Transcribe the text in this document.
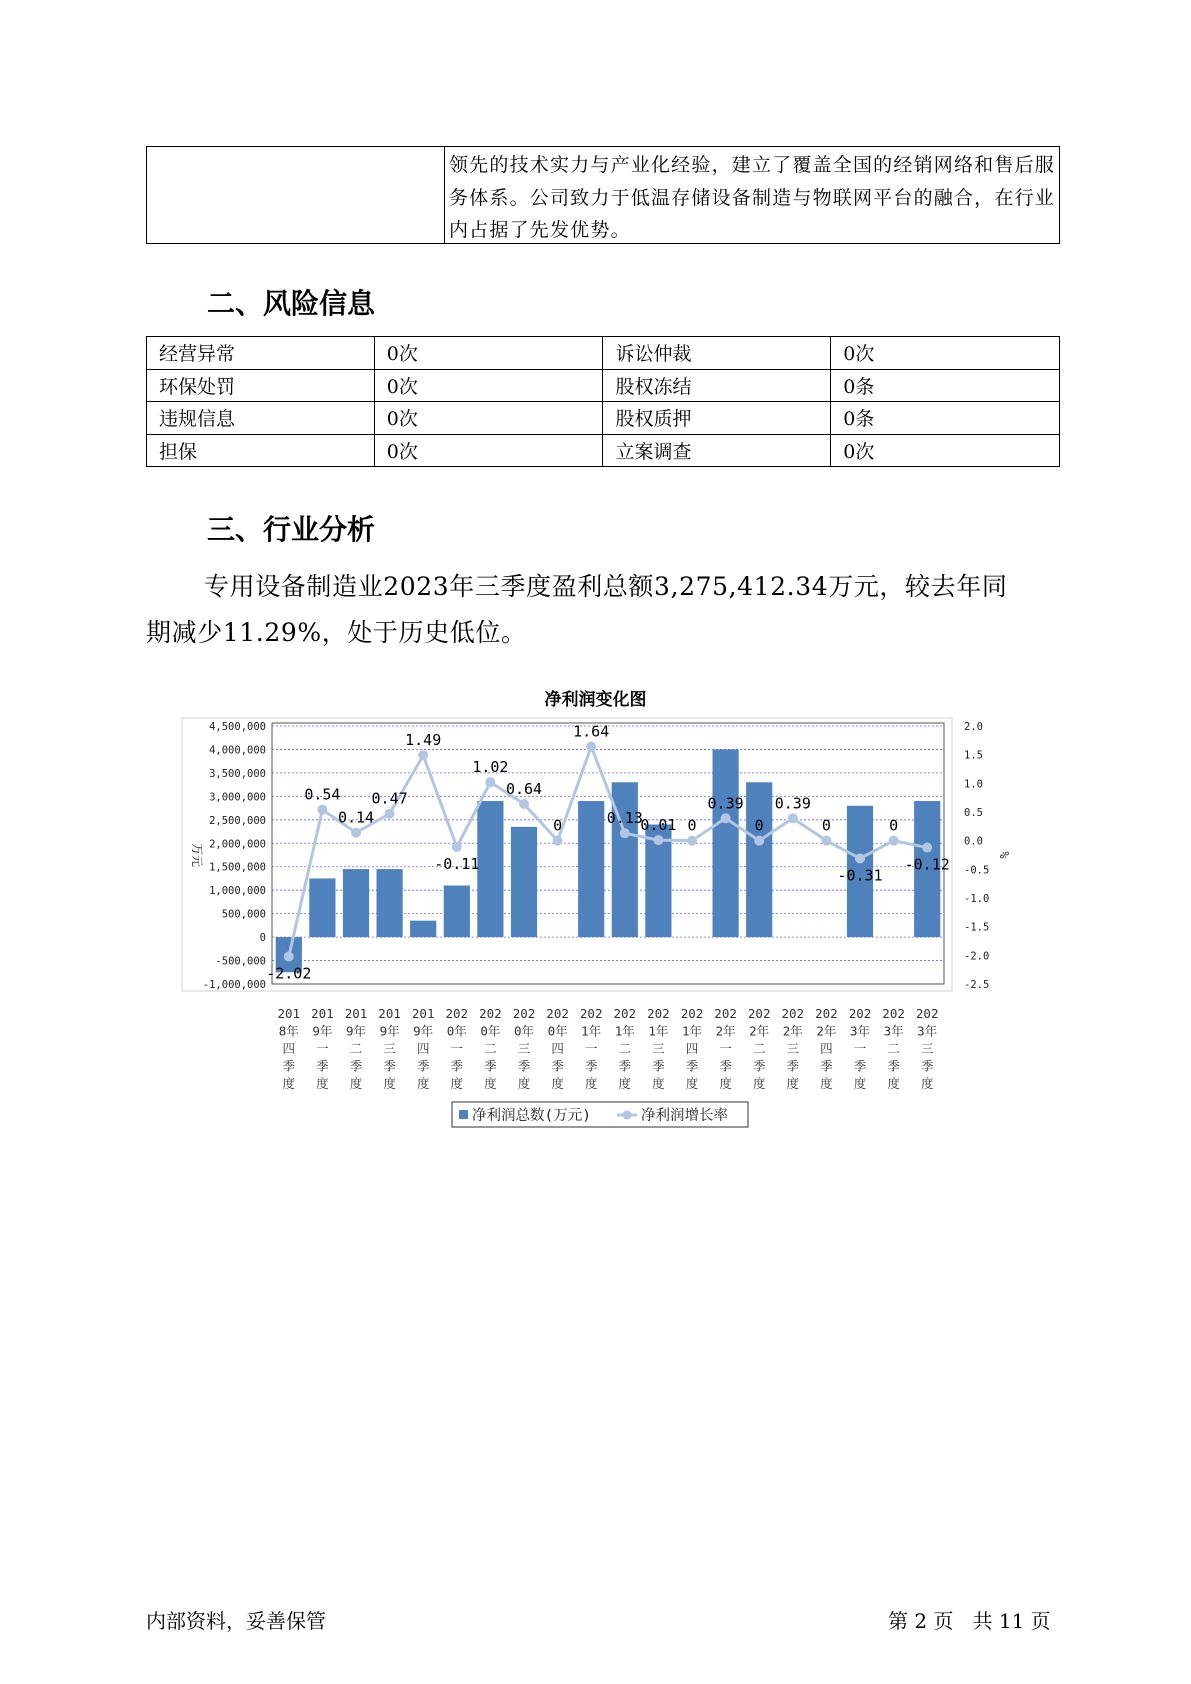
领先的技术实力与产业化经验，建立了覆盖全国的经销网络和售后服
务体系。公司致力于低温存储设备制造与物联网平台的融合，在行业
内占据了先发优势。
二、风险信息
经营异常	0次	诉讼仲裁	0次
环保处罚	0次	股权冻结	0条
违规信息	0次	股权质押	0条
担保	0次	立案调查	0次
三、行业分析
专用设备制造业2023年三季度盈利总额3,275,412.34万元，较去年同
期减少11.29%，处于历史低位。
净利润变化图
4,500,000
4,000,000
3,500,000
3,000,000
2,500,000
2,000,000
1,500,000
1,000,000
500,000
0
-500,000
-1,000,000
2.0
1.5
1.0
0.5
0.0
-0.5
-1.0
-1.5
-2.0
-2.5
万元	%
-2.02
0.54
0.14
0.47
1.49
-0.11
1.02
0.64
0
1.64
0.13
0.01 0
0.39
0
0.39
0
-0.31
0
-0.12
201
8年
四
季
度
201
9年
一
季
度
201
9年
二
季
度
201
9年
三
季
度
201
9年
四
季
度
202
0年
一
季
度
202
0年
二
季
度
202
0年
三
季
度
202
0年
四
季
度
202
1年
一
季
度
202
1年
二
季
度
202
1年
三
季
度
202
1年
四
季
度
202
2年
一
季
度
202
2年
二
季
度
202
2年
三
季
度
202
2年
四
季
度
202
3年
一
季
度
202
3年
二
季
度
202
3年
三
季
度
净利润总数(万元)	净利润增长率
内部资料，妥善保管	第 2 页   共 11 页
